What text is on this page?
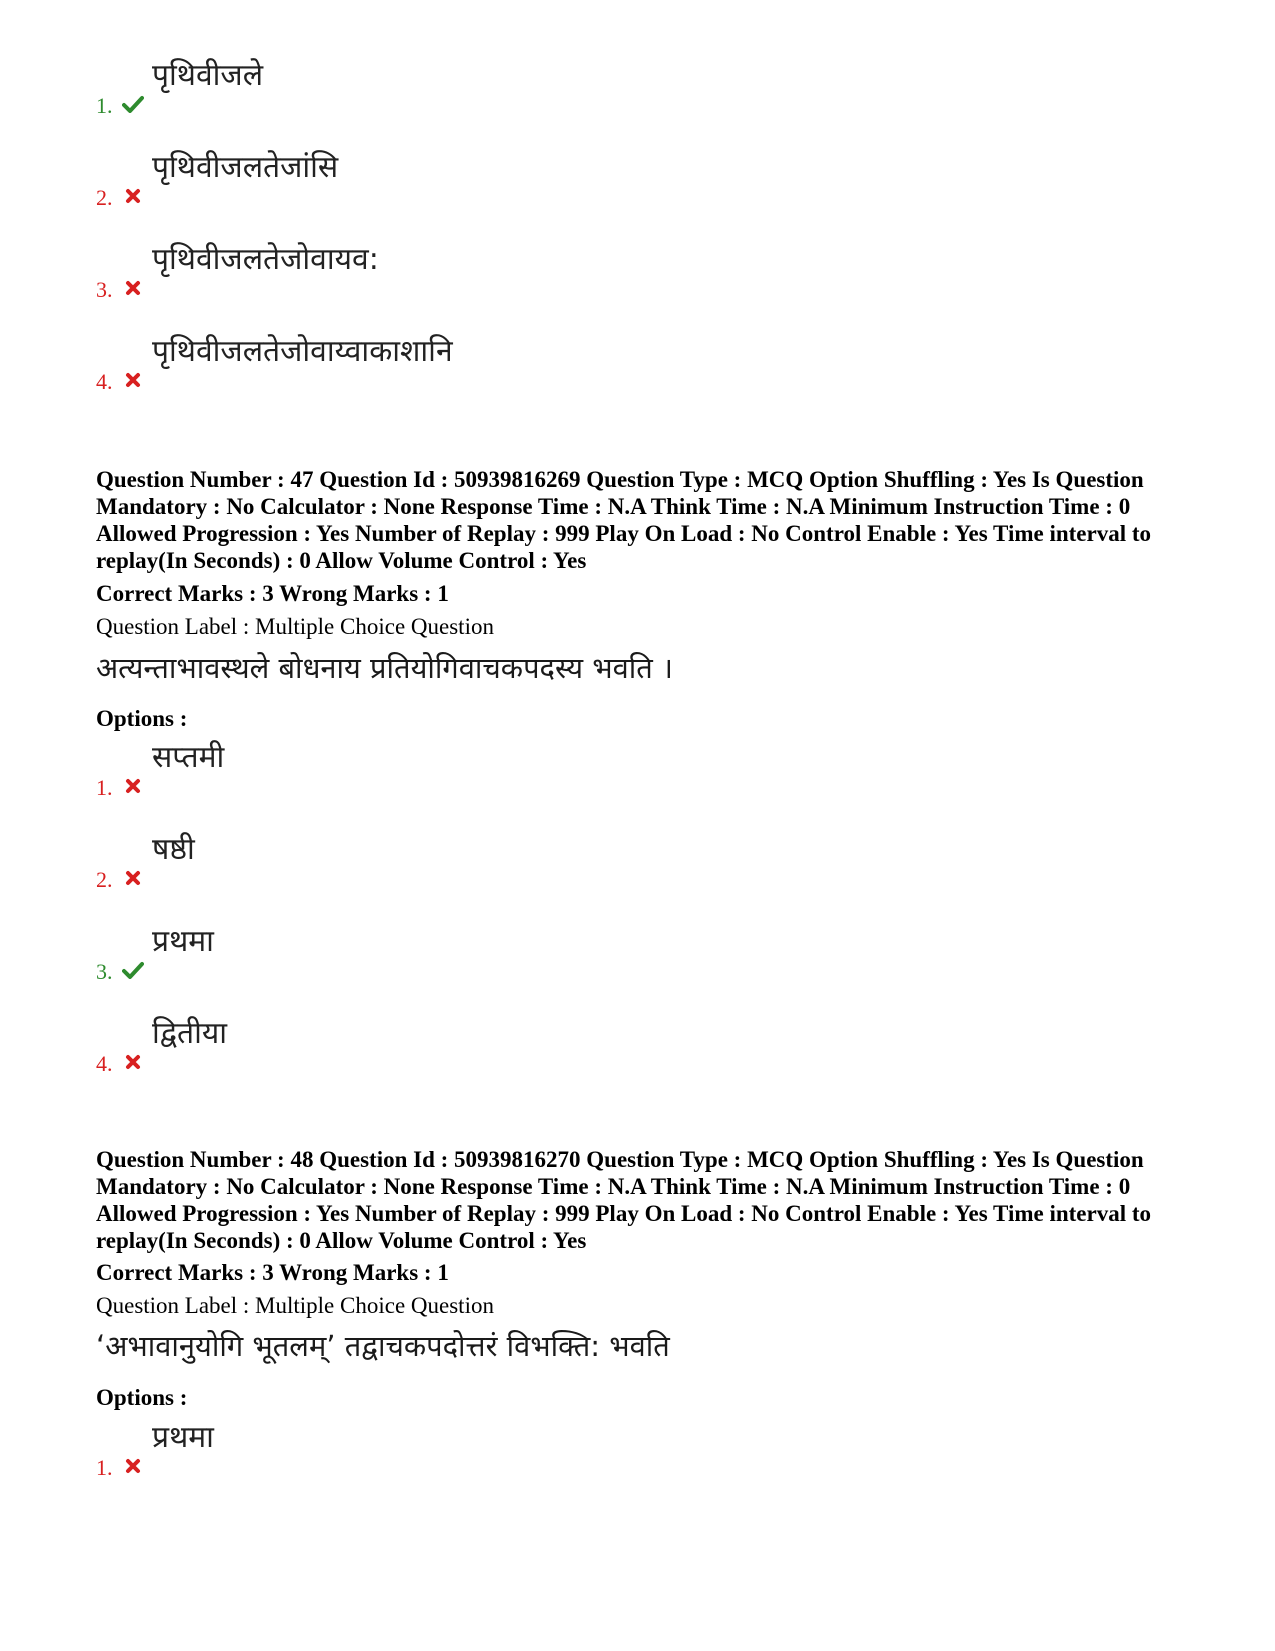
1.
पृथिवीजले
2.
पृथिवीजलतेजांसि
3.
पृथिवीजलतेजोवायव:
4.
पृथिवीजलतेजोवाय्वाकाशानि
Question Number : 47 Question Id : 50939816269 Question Type : MCQ Option Shuffling : Yes Is Question Mandatory : No Calculator : None Response Time : N.A Think Time : N.A Minimum Instruction Time : 0 Allowed Progression : Yes Number of Replay : 999 Play On Load : No Control Enable : Yes Time interval to replay(In Seconds) : 0 Allow Volume Control : Yes
Correct Marks : 3 Wrong Marks : 1
Question Label : Multiple Choice Question
अत्यन्ताभावस्थले बोधनाय प्रतियोगिवाचकपदस्य भवति ।
Options :
1.
सप्तमी
2.
षष्ठी
3.
प्रथमा
4.
द्वितीया
Question Number : 48 Question Id : 50939816270 Question Type : MCQ Option Shuffling : Yes Is Question Mandatory : No Calculator : None Response Time : N.A Think Time : N.A Minimum Instruction Time : 0 Allowed Progression : Yes Number of Replay : 999 Play On Load : No Control Enable : Yes Time interval to replay(In Seconds) : 0 Allow Volume Control : Yes
Correct Marks : 3 Wrong Marks : 1
Question Label : Multiple Choice Question
‘अभावानुयोगि भूतलम्’ तद्वाचकपदोत्तरं विभक्ति: भवति
Options :
1.
प्रथमा
